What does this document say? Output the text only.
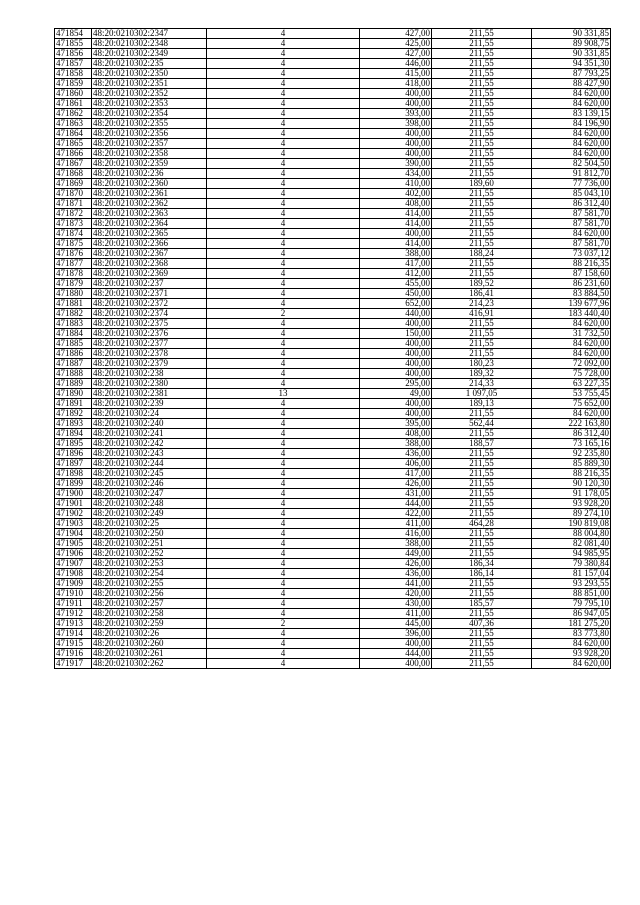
471854	48:20:0210302:2347	4	427,00	211,55	90 331,85
471855	48:20:0210302:2348	4	425,00	211,55	89 908,75
471856	48:20:0210302:2349	4	427,00	211,55	90 331,85
471857	48:20:0210302:235	4	446,00	211,55	94 351,30
471858	48:20:0210302:2350	4	415,00	211,55	87 793,25
471859	48:20:0210302:2351	4	418,00	211,55	88 427,90
471860	48:20:0210302:2352	4	400,00	211,55	84 620,00
471861	48:20:0210302:2353	4	400,00	211,55	84 620,00
471862	48:20:0210302:2354	4	393,00	211,55	83 139,15
471863	48:20:0210302:2355	4	398,00	211,55	84 196,90
471864	48:20:0210302:2356	4	400,00	211,55	84 620,00
471865	48:20:0210302:2357	4	400,00	211,55	84 620,00
471866	48:20:0210302:2358	4	400,00	211,55	84 620,00
471867	48:20:0210302:2359	4	390,00	211,55	82 504,50
471868	48:20:0210302:236	4	434,00	211,55	91 812,70
471869	48:20:0210302:2360	4	410,00	189,60	77 736,00
471870	48:20:0210302:2361	4	402,00	211,55	85 043,10
471871	48:20:0210302:2362	4	408,00	211,55	86 312,40
471872	48:20:0210302:2363	4	414,00	211,55	87 581,70
471873	48:20:0210302:2364	4	414,00	211,55	87 581,70
471874	48:20:0210302:2365	4	400,00	211,55	84 620,00
471875	48:20:0210302:2366	4	414,00	211,55	87 581,70
471876	48:20:0210302:2367	4	388,00	188,24	73 037,12
471877	48:20:0210302:2368	4	417,00	211,55	88 216,35
471878	48:20:0210302:2369	4	412,00	211,55	87 158,60
471879	48:20:0210302:237	4	455,00	189,52	86 231,60
471880	48:20:0210302:2371	4	450,00	186,41	83 884,50
471881	48:20:0210302:2372	4	652,00	214,23	139 677,96
471882	48:20:0210302:2374	2	440,00	416,91	183 440,40
471883	48:20:0210302:2375	4	400,00	211,55	84 620,00
471884	48:20:0210302:2376	4	150,00	211,55	31 732,50
471885	48:20:0210302:2377	4	400,00	211,55	84 620,00
471886	48:20:0210302:2378	4	400,00	211,55	84 620,00
471887	48:20:0210302:2379	4	400,00	180,23	72 092,00
471888	48:20:0210302:238	4	400,00	189,32	75 728,00
471889	48:20:0210302:2380	4	295,00	214,33	63 227,35
471890	48:20:0210302:2381	13	49,00	1 097,05	53 755,45
471891	48:20:0210302:239	4	400,00	189,13	75 652,00
471892	48:20:0210302:24	4	400,00	211,55	84 620,00
471893	48:20:0210302:240	4	395,00	562,44	222 163,80
471894	48:20:0210302:241	4	408,00	211,55	86 312,40
471895	48:20:0210302:242	4	388,00	188,57	73 165,16
471896	48:20:0210302:243	4	436,00	211,55	92 235,80
471897	48:20:0210302:244	4	406,00	211,55	85 889,30
471898	48:20:0210302:245	4	417,00	211,55	88 216,35
471899	48:20:0210302:246	4	426,00	211,55	90 120,30
471900	48:20:0210302:247	4	431,00	211,55	91 178,05
471901	48:20:0210302:248	4	444,00	211,55	93 928,20
471902	48:20:0210302:249	4	422,00	211,55	89 274,10
471903	48:20:0210302:25	4	411,00	464,28	190 819,08
471904	48:20:0210302:250	4	416,00	211,55	88 004,80
471905	48:20:0210302:251	4	388,00	211,55	82 081,40
471906	48:20:0210302:252	4	449,00	211,55	94 985,95
471907	48:20:0210302:253	4	426,00	186,34	79 380,84
471908	48:20:0210302:254	4	436,00	186,14	81 157,04
471909	48:20:0210302:255	4	441,00	211,55	93 293,55
471910	48:20:0210302:256	4	420,00	211,55	88 851,00
471911	48:20:0210302:257	4	430,00	185,57	79 795,10
471912	48:20:0210302:258	4	411,00	211,55	86 947,05
471913	48:20:0210302:259	2	445,00	407,36	181 275,20
471914	48:20:0210302:26	4	396,00	211,55	83 773,80
471915	48:20:0210302:260	4	400,00	211,55	84 620,00
471916	48:20:0210302:261	4	444,00	211,55	93 928,20
471917	48:20:0210302:262	4	400,00	211,55	84 620,00
